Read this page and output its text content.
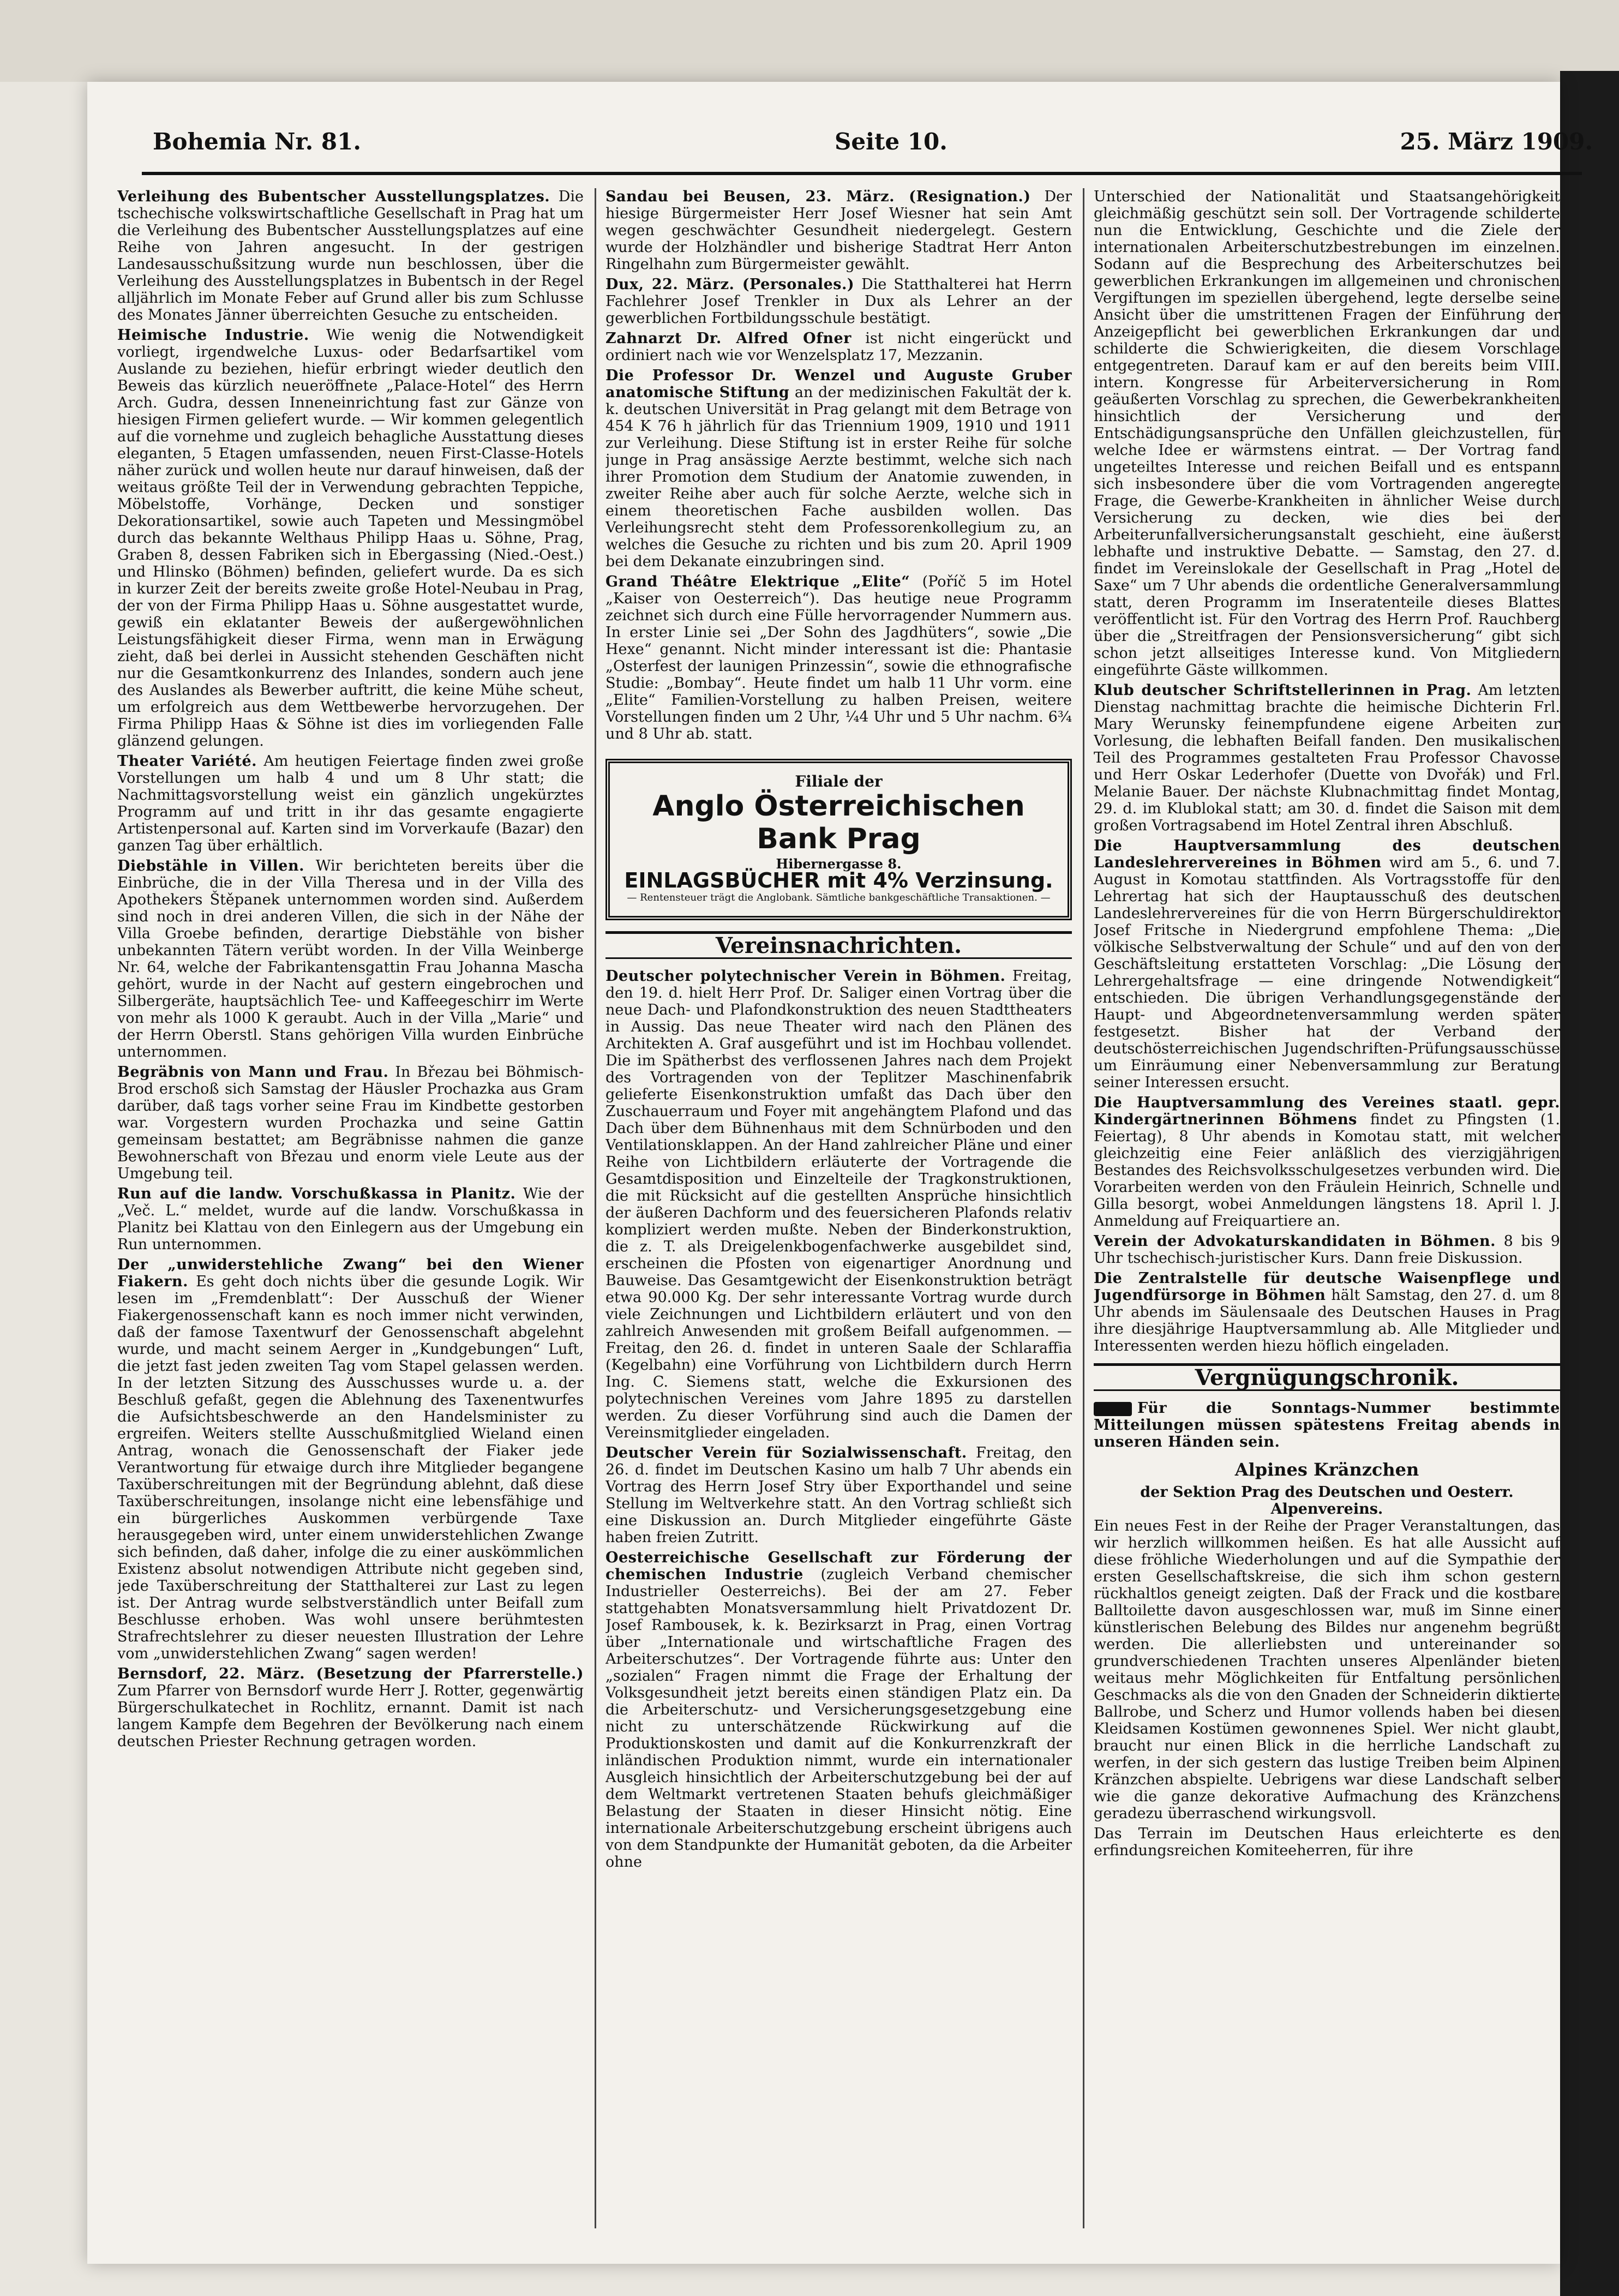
Bohemia Nr. 81.	Seite 10.	25. März 1909.
Verleihung des Bubentscher Ausstellungsplatzes. Die tschechische volkswirtschaftliche Gesellschaft in Prag hat um die Verleihung des Bubentscher Ausstellungsplatzes auf eine Reihe von Jahren angesucht. In der gestrigen Landesausschußsitzung wurde nun beschlossen, über die Verleihung des Ausstellungsplatzes in Bubentsch in der Regel alljährlich im Monate Feber auf Grund aller bis zum Schlusse des Monates Jänner überreichten Gesuche zu entscheiden.
Heimische Industrie. Wie wenig die Notwendigkeit vorliegt, irgendwelche Luxus- oder Bedarfsartikel vom Auslande zu beziehen, hiefür erbringt wieder deutlich den Beweis das kürzlich neueröffnete „Palace-Hotel“ des Herrn Arch. Gudra, dessen Inneneinrichtung fast zur Gänze von hiesigen Firmen geliefert wurde. — Wir kommen gelegentlich auf die vornehme und zugleich behagliche Ausstattung dieses eleganten, 5 Etagen umfassenden, neuen First-Classe-Hotels näher zurück und wollen heute nur darauf hinweisen, daß der weitaus größte Teil der in Verwendung gebrachten Teppiche, Möbelstoffe, Vorhänge, Decken und sonstiger Dekorationsartikel, sowie auch Tapeten und Messingmöbel durch das bekannte Welthaus Philipp Haas u. Söhne, Prag, Graben 8, dessen Fabriken sich in Ebergassing (Nied.-Oest.) und Hlinsko (Böhmen) befinden, geliefert wurde. Da es sich in kurzer Zeit der bereits zweite große Hotel-Neubau in Prag, der von der Firma Philipp Haas u. Söhne ausgestattet wurde, gewiß ein eklatanter Beweis der außergewöhnlichen Leistungsfähigkeit dieser Firma, wenn man in Erwägung zieht, daß bei derlei in Aussicht stehenden Geschäften nicht nur die Gesamtkonkurrenz des Inlandes, sondern auch jene des Auslandes als Bewerber auftritt, die keine Mühe scheut, um erfolgreich aus dem Wettbewerbe hervorzugehen. Der Firma Philipp Haas & Söhne ist dies im vorliegenden Falle glänzend gelungen.
Theater Variété. Am heutigen Feiertage finden zwei große Vorstellungen um halb 4 und um 8 Uhr statt; die Nachmittagsvorstellung weist ein gänzlich ungekürztes Programm auf und tritt in ihr das gesamte engagierte Artistenpersonal auf. Karten sind im Vorverkaufe (Bazar) den ganzen Tag über erhältlich.
Diebstähle in Villen. Wir berichteten bereits über die Einbrüche, die in der Villa Theresa und in der Villa des Apothekers Štěpanek unternommen worden sind. Außerdem sind noch in drei anderen Villen, die sich in der Nähe der Villa Groebe befinden, derartige Diebstähle von bisher unbekannten Tätern verübt worden. In der Villa Weinberge Nr. 64, welche der Fabrikantensgattin Frau Johanna Mascha gehört, wurde in der Nacht auf gestern eingebrochen und Silbergeräte, hauptsächlich Tee- und Kaffeegeschirr im Werte von mehr als 1000 K geraubt. Auch in der Villa „Marie“ und der Herrn Oberstl. Stans gehörigen Villa wurden Einbrüche unternommen.
Begräbnis von Mann und Frau. In Březau bei Böhmisch-Brod erschoß sich Samstag der Häusler Prochazka aus Gram darüber, daß tags vorher seine Frau im Kindbette gestorben war. Vorgestern wurden Prochazka und seine Gattin gemeinsam bestattet; am Begräbnisse nahmen die ganze Bewohnerschaft von Březau und enorm viele Leute aus der Umgebung teil.
Run auf die landw. Vorschußkassa in Planitz. Wie der „Več. L.“ meldet, wurde auf die landw. Vorschußkassa in Planitz bei Klattau von den Einlegern aus der Umgebung ein Run unternommen.
Der „unwiderstehliche Zwang“ bei den Wiener Fiakern. Es geht doch nichts über die gesunde Logik. Wir lesen im „Fremdenblatt“: Der Ausschuß der Wiener Fiakergenossenschaft kann es noch immer nicht verwinden, daß der famose Taxentwurf der Genossenschaft abgelehnt wurde, und macht seinem Aerger in „Kundgebungen“ Luft, die jetzt fast jeden zweiten Tag vom Stapel gelassen werden. In der letzten Sitzung des Ausschusses wurde u. a. der Beschluß gefaßt, gegen die Ablehnung des Taxenentwurfes die Aufsichtsbeschwerde an den Handelsminister zu ergreifen. Weiters stellte Ausschußmitglied Wieland einen Antrag, wonach die Genossenschaft der Fiaker jede Verantwortung für etwaige durch ihre Mitglieder begangene Taxüberschreitungen mit der Begründung ablehnt, daß diese Taxüberschreitungen, insolange nicht eine lebensfähige und ein bürgerliches Auskommen verbürgende Taxe herausgegeben wird, unter einem unwiderstehlichen Zwange sich befinden, daß daher, infolge die zu einer auskömmlichen Existenz absolut notwendigen Attribute nicht gegeben sind, jede Taxüberschreitung der Statthalterei zur Last zu legen ist. Der Antrag wurde selbstverständlich unter Beifall zum Beschlusse erhoben. Was wohl unsere berühmtesten Strafrechtslehrer zu dieser neuesten Illustration der Lehre vom „unwiderstehlichen Zwang“ sagen werden!
Bernsdorf, 22. März. (Besetzung der Pfarrerstelle.) Zum Pfarrer von Bernsdorf wurde Herr J. Rotter, gegenwärtig Bürgerschulkatechet in Rochlitz, ernannt. Damit ist nach langem Kampfe dem Begehren der Bevölkerung nach einem deutschen Priester Rechnung getragen worden.
Sandau bei Beusen, 23. März. (Resignation.) Der hiesige Bürgermeister Herr Josef Wiesner hat sein Amt wegen geschwächter Gesundheit niedergelegt. Gestern wurde der Holzhändler und bisherige Stadtrat Herr Anton Ringelhahn zum Bürgermeister gewählt.
Dux, 22. März. (Personales.) Die Statthalterei hat Herrn Fachlehrer Josef Trenkler in Dux als Lehrer an der gewerblichen Fortbildungsschule bestätigt.
Zahnarzt Dr. Alfred Ofner ist nicht eingerückt und ordiniert nach wie vor Wenzelsplatz 17, Mezzanin.
Die Professor Dr. Wenzel und Auguste Gruber anatomische Stiftung an der medizinischen Fakultät der k. k. deutschen Universität in Prag gelangt mit dem Betrage von 454 K 76 h jährlich für das Triennium 1909, 1910 und 1911 zur Verleihung. Diese Stiftung ist in erster Reihe für solche junge in Prag ansässige Aerzte bestimmt, welche sich nach ihrer Promotion dem Studium der Anatomie zuwenden, in zweiter Reihe aber auch für solche Aerzte, welche sich in einem theoretischen Fache ausbilden wollen. Das Verleihungsrecht steht dem Professorenkollegium zu, an welches die Gesuche zu richten und bis zum 20. April 1909 bei dem Dekanate einzubringen sind.
Grand Théâtre Elektrique „Elite“ (Poříč 5 im Hotel „Kaiser von Oesterreich“). Das heutige neue Programm zeichnet sich durch eine Fülle hervorragender Nummern aus. In erster Linie sei „Der Sohn des Jagdhüters“, sowie „Die Hexe“ genannt. Nicht minder interessant ist die: Phantasie „Osterfest der launigen Prinzessin“, sowie die ethnografische Studie: „Bombay“. Heute findet um halb 11 Uhr vorm. eine „Elite“ Familien-Vorstellung zu halben Preisen, weitere Vorstellungen finden um 2 Uhr, ¼4 Uhr und 5 Uhr nachm. 6¾ und 8 Uhr ab. statt.
Filiale der
Anglo Österreichischen Bank Prag
Hibernergasse 8.
EINLAGSBÜCHER mit 4% Verzinsung.
— Rentensteuer trägt die Anglobank. Sämtliche bankgeschäftliche Transaktionen. —
Vereinsnachrichten.
Deutscher polytechnischer Verein in Böhmen. Freitag, den 19. d. hielt Herr Prof. Dr. Saliger einen Vortrag über die neue Dach- und Plafondkonstruktion des neuen Stadttheaters in Aussig. Das neue Theater wird nach den Plänen des Architekten A. Graf ausgeführt und ist im Hochbau vollendet. Die im Spätherbst des verflossenen Jahres nach dem Projekt des Vortragenden von der Teplitzer Maschinenfabrik gelieferte Eisenkonstruktion umfaßt das Dach über den Zuschauerraum und Foyer mit angehängtem Plafond und das Dach über dem Bühnenhaus mit dem Schnürboden und den Ventilationsklappen. An der Hand zahlreicher Pläne und einer Reihe von Lichtbildern erläuterte der Vortragende die Gesamtdisposition und Einzelteile der Tragkonstruktionen, die mit Rücksicht auf die gestellten Ansprüche hinsichtlich der äußeren Dachform und des feuersicheren Plafonds relativ kompliziert werden mußte. Neben der Binderkonstruktion, die z. T. als Dreigelenkbogenfachwerke ausgebildet sind, erscheinen die Pfosten von eigenartiger Anordnung und Bauweise. Das Gesamtgewicht der Eisenkonstruktion beträgt etwa 90.000 Kg. Der sehr interessante Vortrag wurde durch viele Zeichnungen und Lichtbildern erläutert und von den zahlreich Anwesenden mit großem Beifall aufgenommen. — Freitag, den 26. d. findet in unteren Saale der Schlaraffia (Kegelbahn) eine Vorführung von Lichtbildern durch Herrn Ing. C. Siemens statt, welche die Exkursionen des polytechnischen Vereines vom Jahre 1895 zu darstellen werden. Zu dieser Vorführung sind auch die Damen der Vereinsmitglieder eingeladen.
Deutscher Verein für Sozialwissenschaft. Freitag, den 26. d. findet im Deutschen Kasino um halb 7 Uhr abends ein Vortrag des Herrn Josef Stry über Exporthandel und seine Stellung im Weltverkehre statt. An den Vortrag schließt sich eine Diskussion an. Durch Mitglieder eingeführte Gäste haben freien Zutritt.
Oesterreichische Gesellschaft zur Förderung der chemischen Industrie (zugleich Verband chemischer Industrieller Oesterreichs). Bei der am 27. Feber stattgehabten Monatsversammlung hielt Privatdozent Dr. Josef Rambousek, k. k. Bezirksarzt in Prag, einen Vortrag über „Internationale und wirtschaftliche Fragen des Arbeiterschutzes“. Der Vortragende führte aus: Unter den „sozialen“ Fragen nimmt die Frage der Erhaltung der Volksgesundheit jetzt bereits einen ständigen Platz ein. Da die Arbeiterschutz- und Versicherungsgesetzgebung eine nicht zu unterschätzende Rückwirkung auf die Produktionskosten und damit auf die Konkurrenzkraft der inländischen Produktion nimmt, wurde ein internationaler Ausgleich hinsichtlich der Arbeiterschutzgebung bei der auf dem Weltmarkt vertretenen Staaten behufs gleichmäßiger Belastung der Staaten in dieser Hinsicht nötig. Eine internationale Arbeiterschutzgebung erscheint übrigens auch von dem Standpunkte der Humanität geboten, da die Arbeiter ohne
Unterschied der Nationalität und Staatsangehörigkeit gleichmäßig geschützt sein soll. Der Vortragende schilderte nun die Entwicklung, Geschichte und die Ziele der internationalen Arbeiterschutzbestrebungen im einzelnen. Sodann auf die Besprechung des Arbeiterschutzes bei gewerblichen Erkrankungen im allgemeinen und chronischen Vergiftungen im speziellen übergehend, legte derselbe seine Ansicht über die umstrittenen Fragen der Einführung der Anzeigepflicht bei gewerblichen Erkrankungen dar und schilderte die Schwierigkeiten, die diesem Vorschlage entgegentreten. Darauf kam er auf den bereits beim VIII. intern. Kongresse für Arbeiterversicherung in Rom geäußerten Vorschlag zu sprechen, die Gewerbekrankheiten hinsichtlich der Versicherung und der Entschädigungsansprüche den Unfällen gleichzustellen, für welche Idee er wärmstens eintrat. — Der Vortrag fand ungeteiltes Interesse und reichen Beifall und es entspann sich insbesondere über die vom Vortragenden angeregte Frage, die Gewerbe-Krankheiten in ähnlicher Weise durch Versicherung zu decken, wie dies bei der Arbeiterunfallversicherungsanstalt geschieht, eine äußerst lebhafte und instruktive Debatte. — Samstag, den 27. d. findet im Vereinslokale der Gesellschaft in Prag „Hotel de Saxe“ um 7 Uhr abends die ordentliche Generalversammlung statt, deren Programm im Inseratenteile dieses Blattes veröffentlicht ist. Für den Vortrag des Herrn Prof. Rauchberg über die „Streitfragen der Pensionsversicherung“ gibt sich schon jetzt allseitiges Interesse kund. Von Mitgliedern eingeführte Gäste willkommen.
Klub deutscher Schriftstellerinnen in Prag. Am letzten Dienstag nachmittag brachte die heimische Dichterin Frl. Mary Werunsky feinempfundene eigene Arbeiten zur Vorlesung, die lebhaften Beifall fanden. Den musikalischen Teil des Programmes gestalteten Frau Professor Chavosse und Herr Oskar Lederhofer (Duette von Dvořák) und Frl. Melanie Bauer. Der nächste Klubnachmittag findet Montag, 29. d. im Klublokal statt; am 30. d. findet die Saison mit dem großen Vortragsabend im Hotel Zentral ihren Abschluß.
Die Hauptversammlung des deutschen Landeslehrervereines in Böhmen wird am 5., 6. und 7. August in Komotau stattfinden. Als Vortragsstoffe für den Lehrertag hat sich der Hauptausschuß des deutschen Landeslehrervereines für die von Herrn Bürgerschuldirektor Josef Fritsche in Niedergrund empfohlene Thema: „Die völkische Selbstverwaltung der Schule“ und auf den von der Geschäftsleitung erstatteten Vorschlag: „Die Lösung der Lehrergehaltsfrage — eine dringende Notwendigkeit“ entschieden. Die übrigen Verhandlungsgegenstände der Haupt- und Abgeordnetenversammlung werden später festgesetzt. Bisher hat der Verband der deutschösterreichischen Jugendschriften-Prüfungsausschüsse um Einräumung einer Nebenversammlung zur Beratung seiner Interessen ersucht.
Die Hauptversammlung des Vereines staatl. gepr. Kindergärtnerinnen Böhmens findet zu Pfingsten (1. Feiertag), 8 Uhr abends in Komotau statt, mit welcher gleichzeitig eine Feier anläßlich des vierzigjährigen Bestandes des Reichsvolksschulgesetzes verbunden wird. Die Vorarbeiten werden von den Fräulein Heinrich, Schnelle und Gilla besorgt, wobei Anmeldungen längstens 18. April l. J. Anmeldung auf Freiquartiere an.
Verein der Advokaturskandidaten in Böhmen. 8 bis 9 Uhr tschechisch-juristischer Kurs. Dann freie Diskussion.
Die Zentralstelle für deutsche Waisenpflege und Jugendfürsorge in Böhmen hält Samstag, den 27. d. um 8 Uhr abends im Säulensaale des Deutschen Hauses in Prag ihre diesjährige Hauptversammlung ab. Alle Mitglieder und Interessenten werden hiezu höflich eingeladen.
Vergnügungschronik.
Für die Sonntags-Nummer bestimmte Mitteilungen müssen spätestens Freitag abends in unseren Händen sein.
Alpines Kränzchen
der Sektion Prag des Deutschen und Oesterr. Alpenvereins.
Ein neues Fest in der Reihe der Prager Veranstaltungen, das wir herzlich willkommen heißen. Es hat alle Aussicht auf diese fröhliche Wiederholungen und auf die Sympathie der ersten Gesellschaftskreise, die sich ihm schon gestern rückhaltlos geneigt zeigten. Daß der Frack und die kostbare Balltoilette davon ausgeschlossen war, muß im Sinne einer künstlerischen Belebung des Bildes nur angenehm begrüßt werden. Die allerliebsten und untereinander so grundverschiedenen Trachten unseres Alpenländer bieten weitaus mehr Möglichkeiten für Entfaltung persönlichen Geschmacks als die von den Gnaden der Schneiderin diktierte Ballrobe, und Scherz und Humor vollends haben bei diesen Kleidsamen Kostümen gewonnenes Spiel. Wer nicht glaubt, braucht nur einen Blick in die herrliche Landschaft zu werfen, in der sich gestern das lustige Treiben beim Alpinen Kränzchen abspielte. Uebrigens war diese Landschaft selber wie die ganze dekorative Aufmachung des Kränzchens geradezu überraschend wirkungsvoll.
Das Terrain im Deutschen Haus erleichterte es den erfindungsreichen Komiteeherren, für ihre
